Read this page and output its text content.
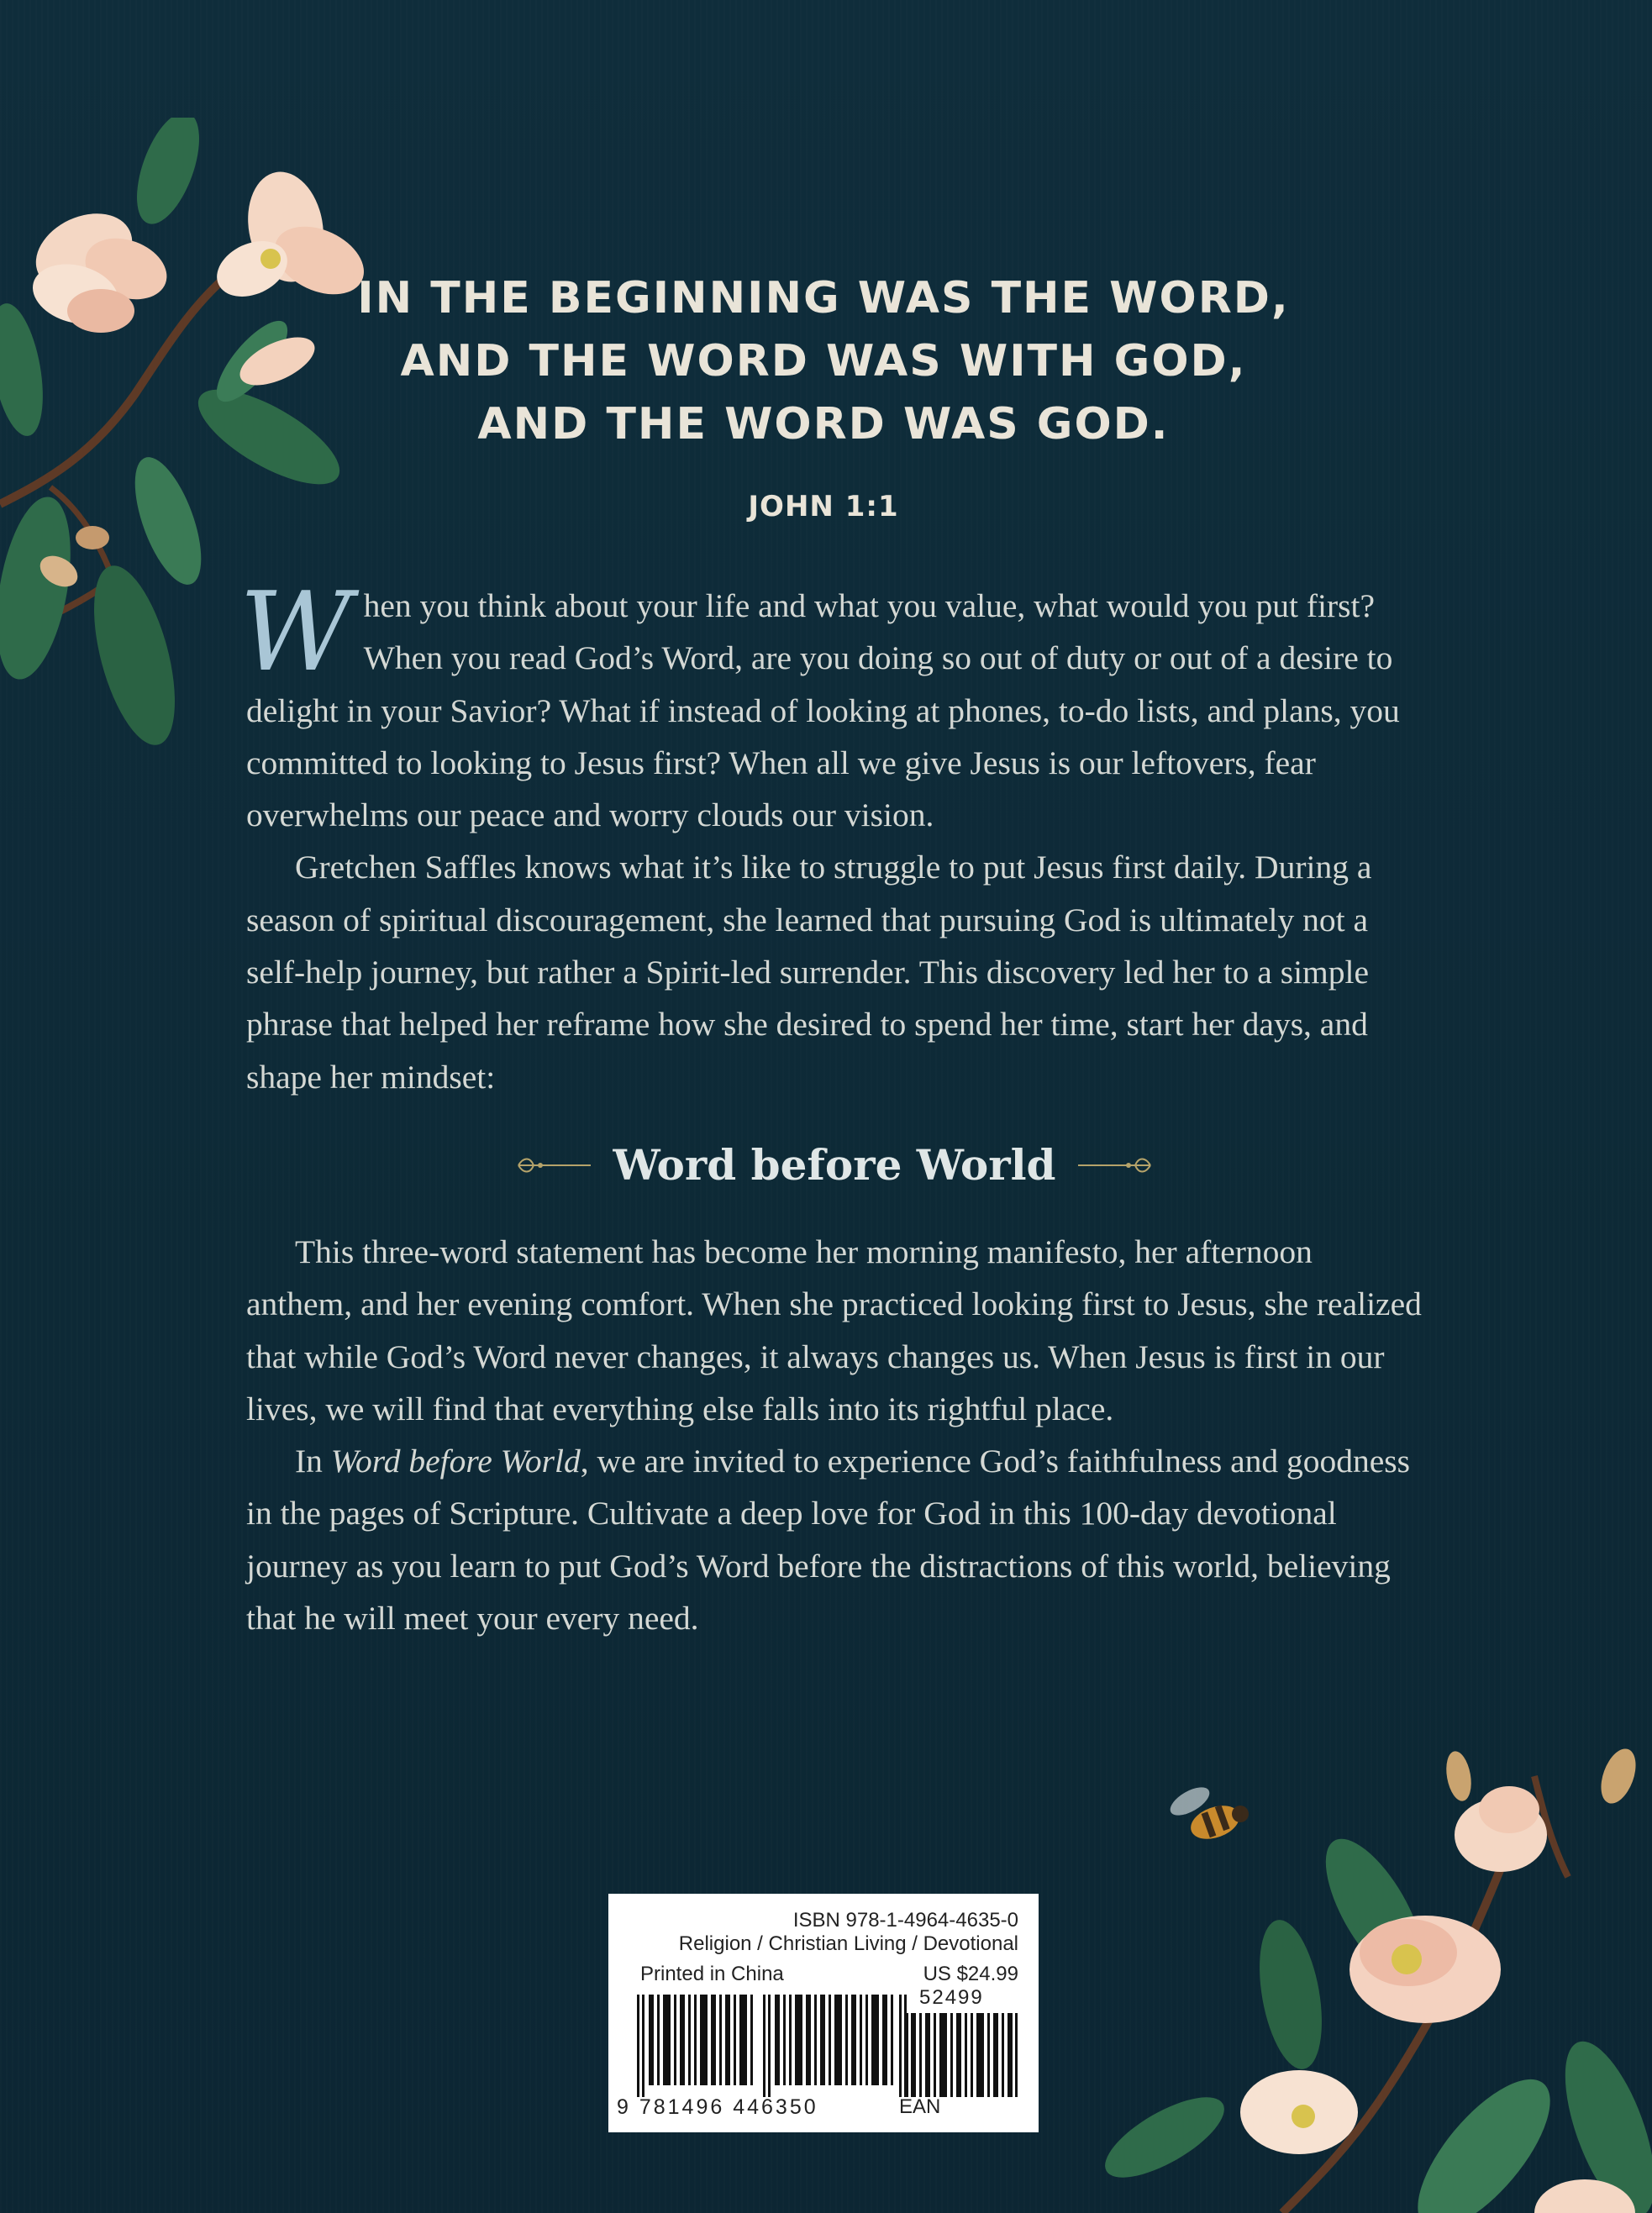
IN THE BEGINNING WAS THE WORD,
AND THE WORD WAS WITH GOD,
AND THE WORD WAS GOD.
JOHN 1:1

When you think about your life and what you value, what would you put first? When you read God’s Word, are you doing so out of duty or out of a desire to delight in your Savior? What if instead of looking at phones, to-do lists, and plans, you committed to looking to Jesus first? When all we give Jesus is our leftovers, fear overwhelms our peace and worry clouds our vision.

Gretchen Saffles knows what it’s like to struggle to put Jesus first daily. During a season of spiritual discouragement, she learned that pursuing God is ultimately not a self-help journey, but rather a Spirit-led surrender. This discovery led her to a simple phrase that helped her reframe how she desired to spend her time, start her days, and shape her mindset:

Word before World

This three-word statement has become her morning manifesto, her afternoon anthem, and her evening comfort. When she practiced looking first to Jesus, she realized that while God’s Word never changes, it always changes us. When Jesus is first in our lives, we will find that everything else falls into its rightful place.

In Word before World, we are invited to experience God’s faithfulness and goodness in the pages of Scripture. Cultivate a deep love for God in this 100-day devotional journey as you learn to put God’s Word before the distractions of this world, believing that he will meet your every need.

ISBN 978-1-4964-4635-0
Religion / Christian Living / Devotional
Printed in China	US $24.99
52499
9 781496 446350	EAN
